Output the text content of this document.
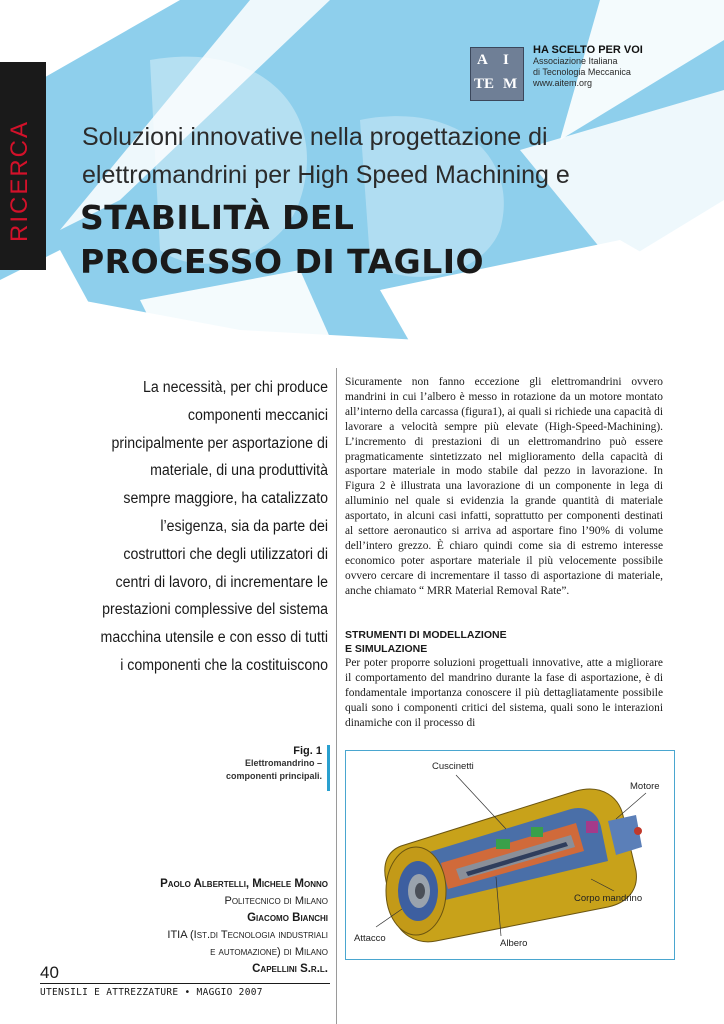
RICERCA
A I
TE M
HA SCELTO PER VOI
Associazione Italiana
di Tecnologia Meccanica
www.aitem.org
Soluzioni innovative nella progettazione di
elettromandrini per High Speed Machining e
STABILITÀ DEL
PROCESSO DI TAGLIO
La necessità, per chi produce componenti meccanici principalmente per asportazione di materiale, di una produttività sempre maggiore, ha catalizzato l’esigenza, sia da parte dei costruttori che degli utilizzatori di centri di lavoro, di incrementare le prestazioni complessive del sistema macchina utensile e con esso di tutti i componenti che la costituiscono
Sicuramente non fanno eccezione gli elettromandrini ovvero mandrini in cui l’albero è messo in rotazione da un motore montato all’interno della carcassa (figura1), ai quali si richiede una capacità di lavorare a velocità sempre più elevate (High-Speed-Machining). L’incremento di prestazioni di un elettromandrino può essere pragmaticamente sintetizzato nel miglioramento della capacità di asportare materiale in modo stabile dal pezzo in lavorazione. In Figura 2 è illustrata una lavorazione di un componente in lega di alluminio nel quale si evidenzia la grande quantità di materiale asportato, in alcuni casi infatti, soprattutto per componenti destinati al settore aeronautico si arriva ad asportare fino l’90% di volume dell’intero grezzo. È chiaro quindi come sia di estremo interesse economico poter asportare materiale il più velocemente possibile ovvero cercare di incrementare il tasso di asportazione di materiale, anche chiamato “ MRR Material Removal Rate”.
STRUMENTI DI MODELLAZIONE
E SIMULAZIONE
Per poter proporre soluzioni progettuali innovative, atte a migliorare il comportamento del mandrino durante la fase di asportazione, è di fondamentale importanza conoscere il più dettagliatamente possibile quali sono i componenti critici del sistema, quali sono le interazioni dinamiche con il processo di
Fig. 1
Elettromandrino –
componenti principali.
Cuscinetti
Motore
Corpo mandrino
Attacco	Albero
Paolo Albertelli, Michele Monno
Politecnico di Milano
Giacomo Bianchi
ITIA (Ist.di Tecnologia industriali
e automazione) di Milano
Capellini S.r.l.
40
UTENSILI E ATTREZZATURE • MAGGIO 2007
